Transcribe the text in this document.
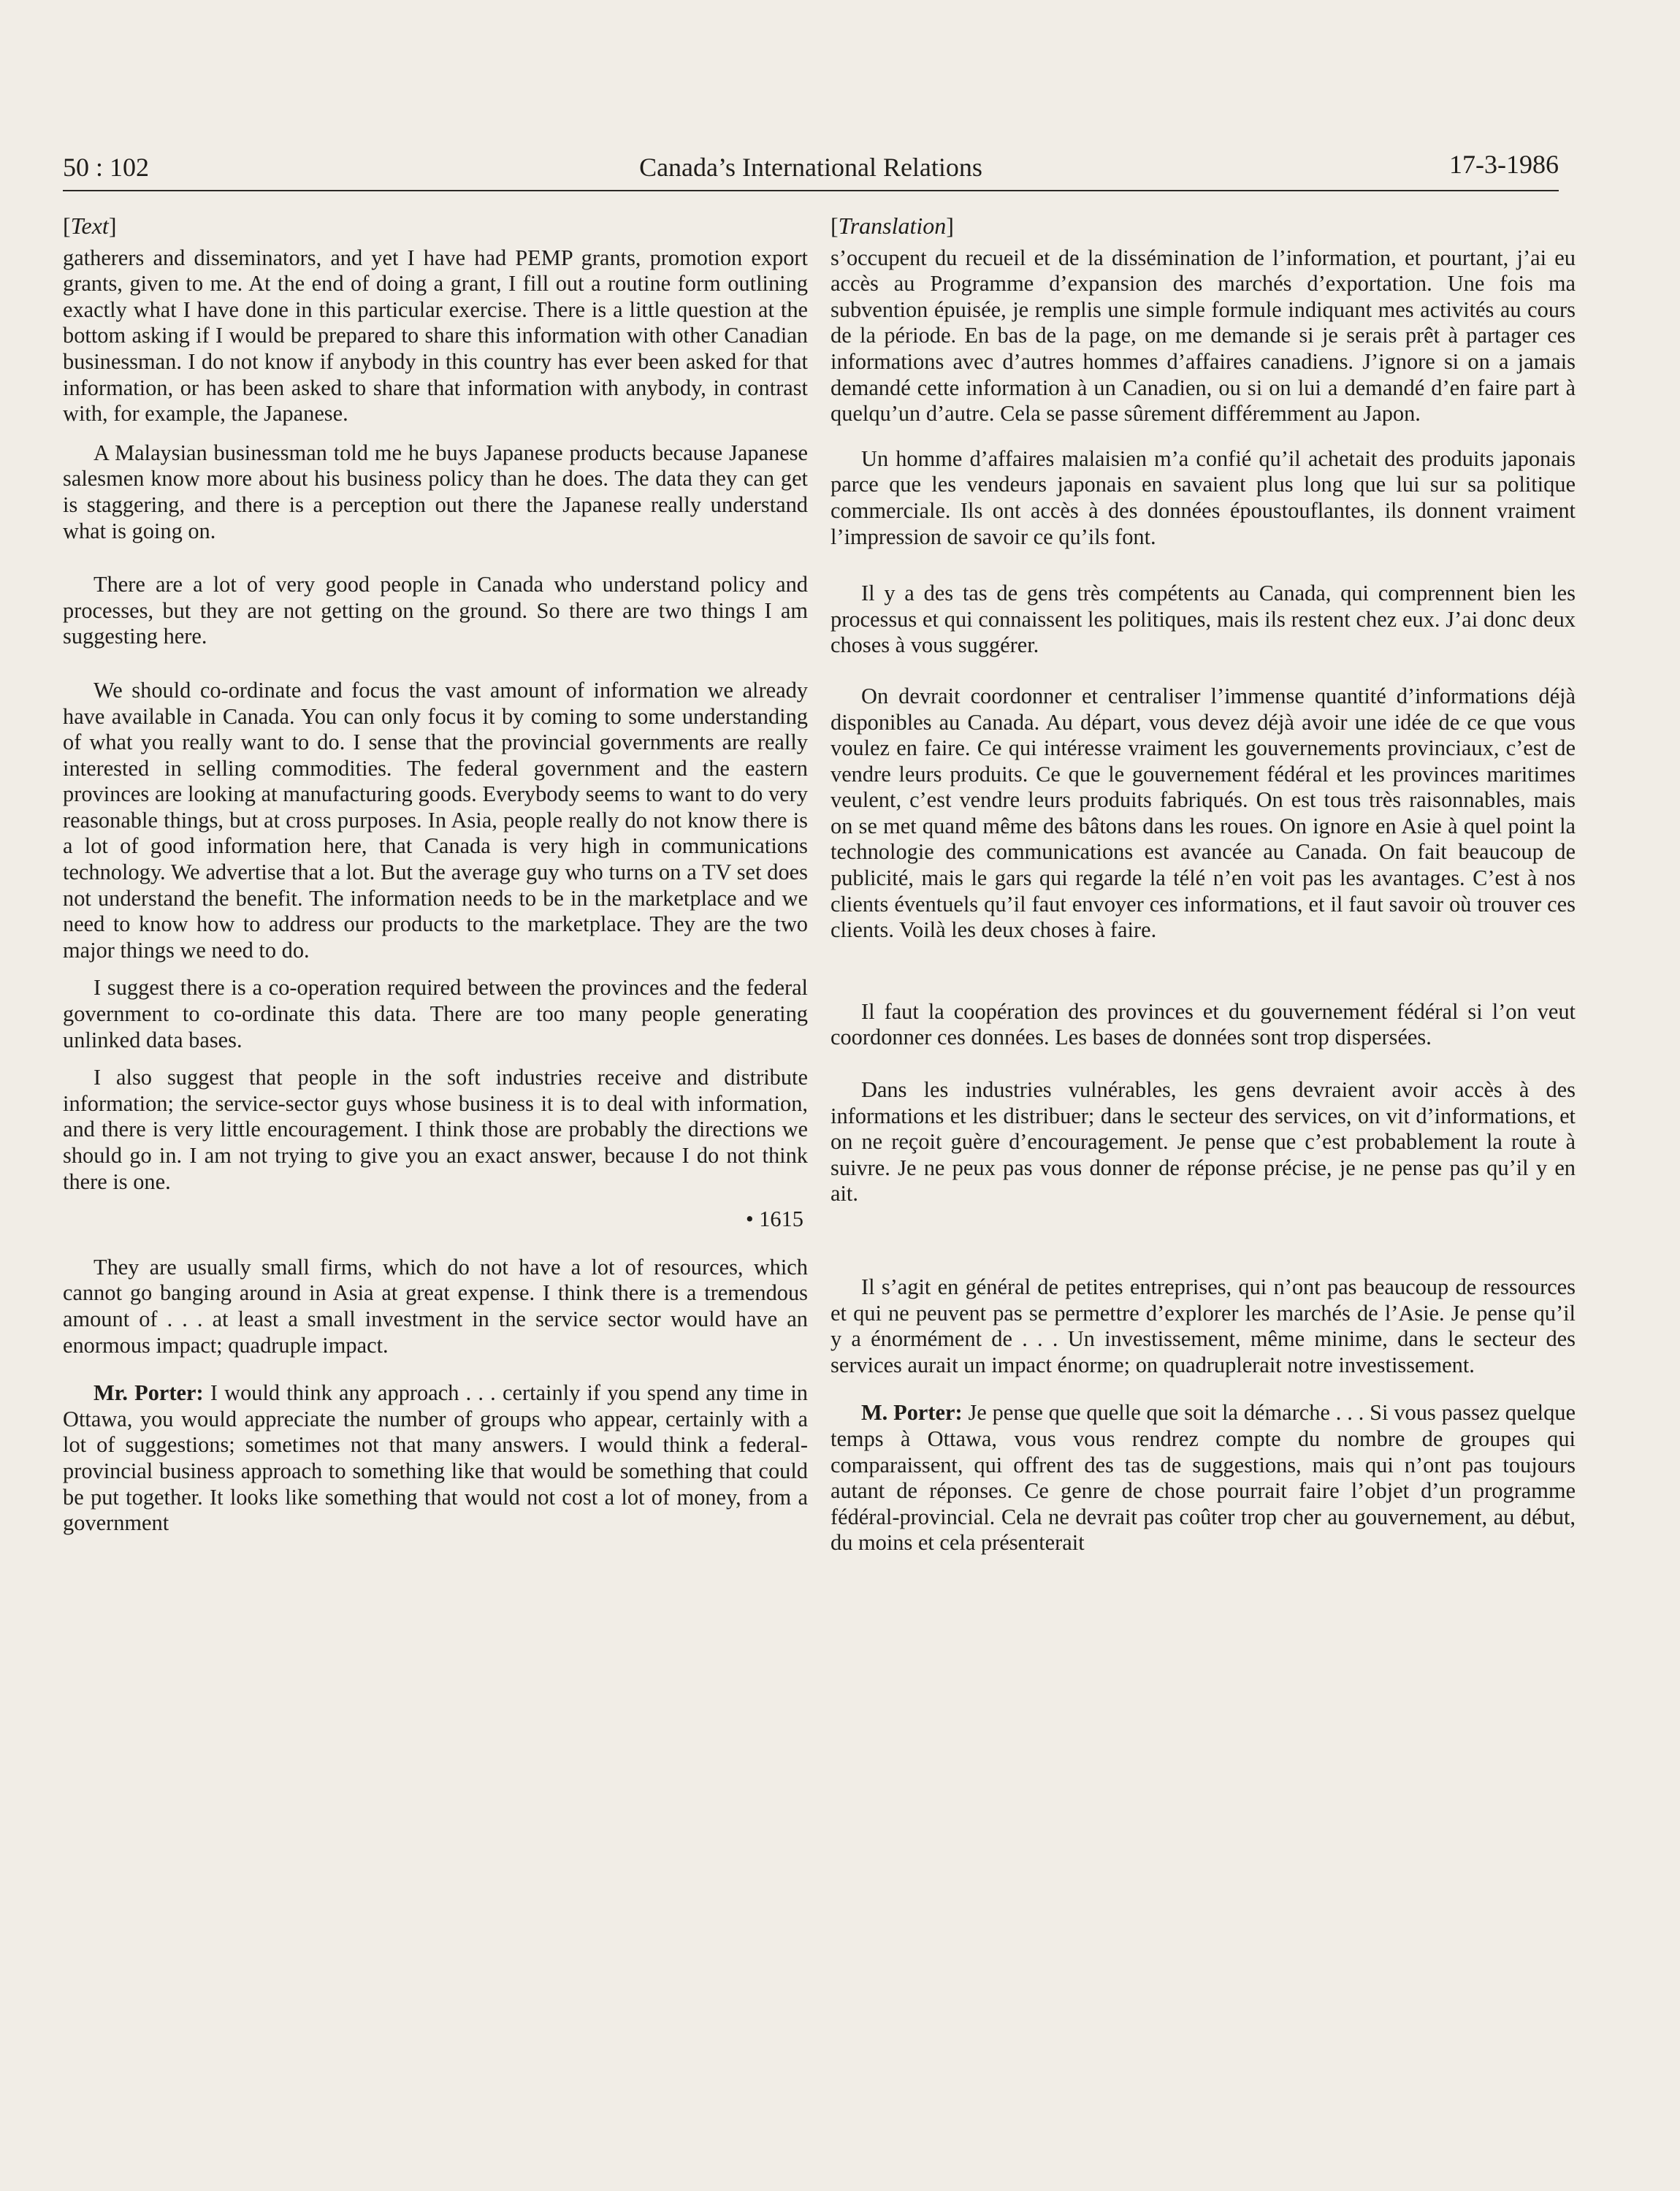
50 : 102	Canada’s International Relations	17-3-1986
[Text]

gatherers and disseminators, and yet I have had PEMP grants, promotion export grants, given to me. At the end of doing a grant, I fill out a routine form outlining exactly what I have done in this particular exercise. There is a little question at the bottom asking if I would be prepared to share this information with other Canadian businessman. I do not know if anybody in this country has ever been asked for that information, or has been asked to share that information with anybody, in contrast with, for example, the Japanese.

A Malaysian businessman told me he buys Japanese products because Japanese salesmen know more about his business policy than he does. The data they can get is staggering, and there is a perception out there the Japanese really understand what is going on.

There are a lot of very good people in Canada who understand policy and processes, but they are not getting on the ground. So there are two things I am suggesting here.

We should co-ordinate and focus the vast amount of information we already have available in Canada. You can only focus it by coming to some understanding of what you really want to do. I sense that the provincial governments are really interested in selling commodities. The federal government and the eastern provinces are looking at manufacturing goods. Everybody seems to want to do very reasonable things, but at cross purposes. In Asia, people really do not know there is a lot of good information here, that Canada is very high in communications technology. We advertise that a lot. But the average guy who turns on a TV set does not understand the benefit. The information needs to be in the marketplace and we need to know how to address our products to the marketplace. They are the two major things we need to do.

I suggest there is a co-operation required between the provinces and the federal government to co-ordinate this data. There are too many people generating unlinked data bases.

I also suggest that people in the soft industries receive and distribute information; the service-sector guys whose business it is to deal with information, and there is very little encouragement. I think those are probably the directions we should go in. I am not trying to give you an exact answer, because I do not think there is one.

• 1615

They are usually small firms, which do not have a lot of resources, which cannot go banging around in Asia at great expense. I think there is a tremendous amount of . . . at least a small investment in the service sector would have an enormous impact; quadruple impact.

Mr. Porter: I would think any approach . . . certainly if you spend any time in Ottawa, you would appreciate the number of groups who appear, certainly with a lot of suggestions; sometimes not that many answers. I would think a federal-provincial business approach to something like that would be something that could be put together. It looks like something that would not cost a lot of money, from a government

[Translation]

s’occupent du recueil et de la dissémination de l’information, et pourtant, j’ai eu accès au Programme d’expansion des marchés d’exportation. Une fois ma subvention épuisée, je remplis une simple formule indiquant mes activités au cours de la période. En bas de la page, on me demande si je serais prêt à partager ces informations avec d’autres hommes d’affaires canadiens. J’ignore si on a jamais demandé cette information à un Canadien, ou si on lui a demandé d’en faire part à quelqu’un d’autre. Cela se passe sûrement différemment au Japon.

Un homme d’affaires malaisien m’a confié qu’il achetait des produits japonais parce que les vendeurs japonais en savaient plus long que lui sur sa politique commerciale. Ils ont accès à des données époustouflantes, ils donnent vraiment l’impression de savoir ce qu’ils font.

Il y a des tas de gens très compétents au Canada, qui comprennent bien les processus et qui connaissent les politiques, mais ils restent chez eux. J’ai donc deux choses à vous suggérer.

On devrait coordonner et centraliser l’immense quantité d’informations déjà disponibles au Canada. Au départ, vous devez déjà avoir une idée de ce que vous voulez en faire. Ce qui intéresse vraiment les gouvernements provinciaux, c’est de vendre leurs produits. Ce que le gouvernement fédéral et les provinces maritimes veulent, c’est vendre leurs produits fabriqués. On est tous très raisonnables, mais on se met quand même des bâtons dans les roues. On ignore en Asie à quel point la technologie des communications est avancée au Canada. On fait beaucoup de publicité, mais le gars qui regarde la télé n’en voit pas les avantages. C’est à nos clients éventuels qu’il faut envoyer ces informations, et il faut savoir où trouver ces clients. Voilà les deux choses à faire.

Il faut la coopération des provinces et du gouvernement fédéral si l’on veut coordonner ces données. Les bases de données sont trop dispersées.

Dans les industries vulnérables, les gens devraient avoir accès à des informations et les distribuer; dans le secteur des services, on vit d’informations, et on ne reçoit guère d’encouragement. Je pense que c’est probablement la route à suivre. Je ne peux pas vous donner de réponse précise, je ne pense pas qu’il y en ait.

Il s’agit en général de petites entreprises, qui n’ont pas beaucoup de ressources et qui ne peuvent pas se permettre d’explorer les marchés de l’Asie. Je pense qu’il y a énormément de . . . Un investissement, même minime, dans le secteur des services aurait un impact énorme; on quadruplerait notre investissement.

M. Porter: Je pense que quelle que soit la démarche . . . Si vous passez quelque temps à Ottawa, vous vous rendrez compte du nombre de groupes qui comparaissent, qui offrent des tas de suggestions, mais qui n’ont pas toujours autant de réponses. Ce genre de chose pourrait faire l’objet d’un programme fédéral-provincial. Cela ne devrait pas coûter trop cher au gouvernement, au début, du moins et cela présenterait
